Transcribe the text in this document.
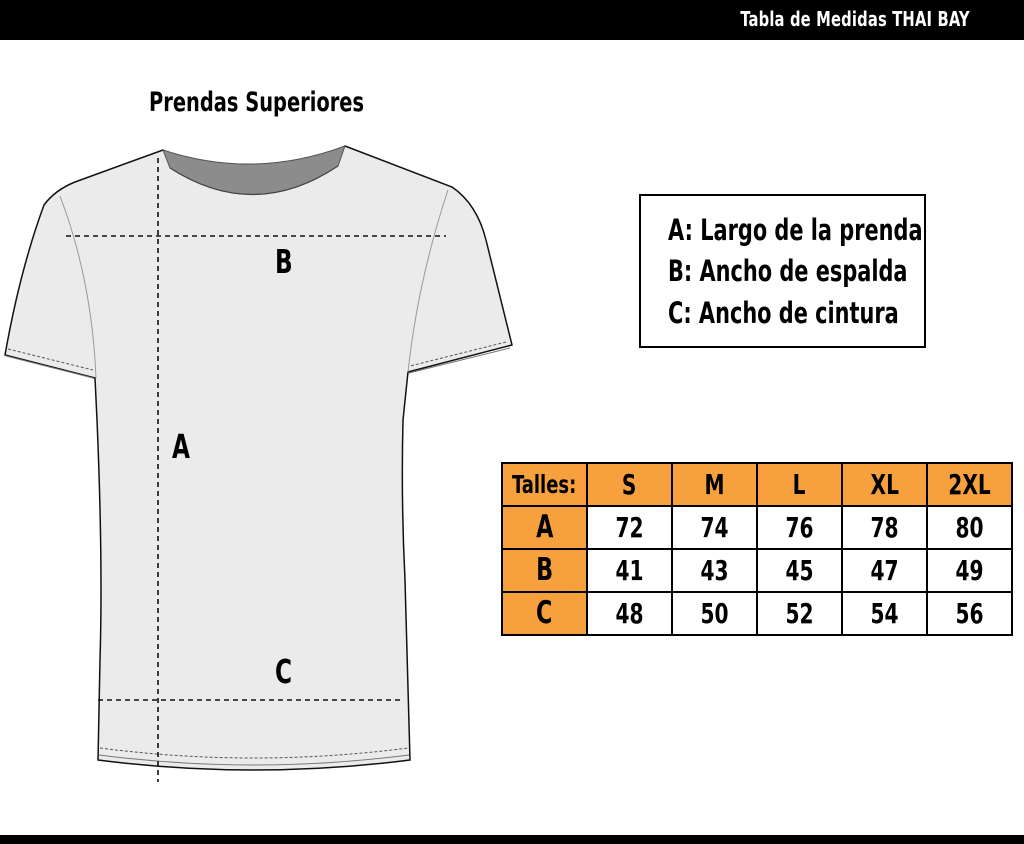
Tabla de Medidas THAI BAY
Prendas Superiores
B
A
C
A: Largo de la prenda
B: Ancho de espalda
C: Ancho de cintura
Talles:	S	M	L	XL	2XL
A	72	74	76	78	80
B	41	43	45	47	49
C	48	50	52	54	56
